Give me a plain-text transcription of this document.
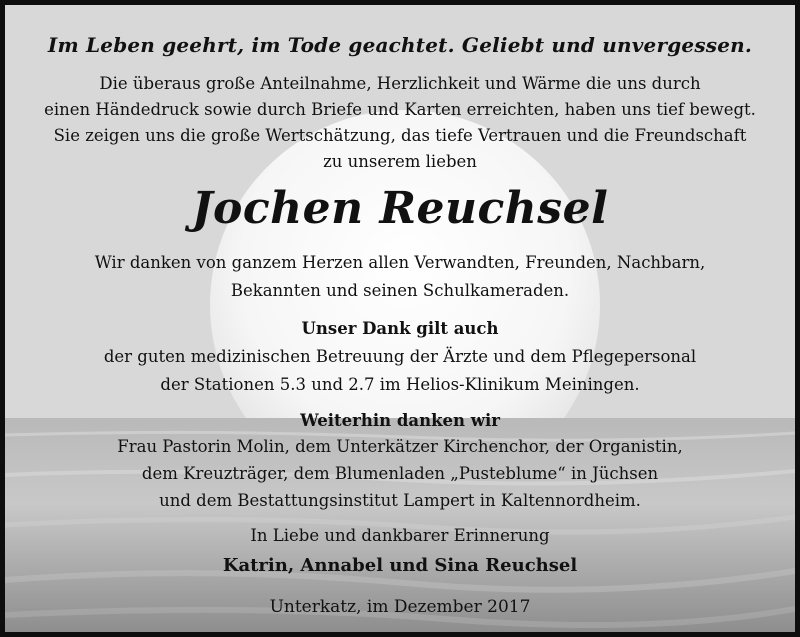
Im Leben geehrt, im Tode geachtet. Geliebt und unvergessen.
Die überaus große Anteilnahme, Herzlichkeit und Wärme die uns durch
einen Händedruck sowie durch Briefe und Karten erreichten, haben uns tief bewegt.
Sie zeigen uns die große Wertschätzung, das tiefe Vertrauen und die Freundschaft
zu unserem lieben
Jochen Reuchsel
Wir danken von ganzem Herzen allen Verwandten, Freunden, Nachbarn,
Bekannten und seinen Schulkameraden.
Unser Dank gilt auch
der guten medizinischen Betreuung der Ärzte und dem Pflegepersonal
der Stationen 5.3 und 2.7 im Helios-Klinikum Meiningen.
Weiterhin danken wir
Frau Pastorin Molin, dem Unterkätzer Kirchenchor, der Organistin,
dem Kreuzträger, dem Blumenladen „Pusteblume“ in Jüchsen
und dem Bestattungsinstitut Lampert in Kaltennordheim.
In Liebe und dankbarer Erinnerung
Katrin, Annabel und Sina Reuchsel
Unterkatz, im Dezember 2017
